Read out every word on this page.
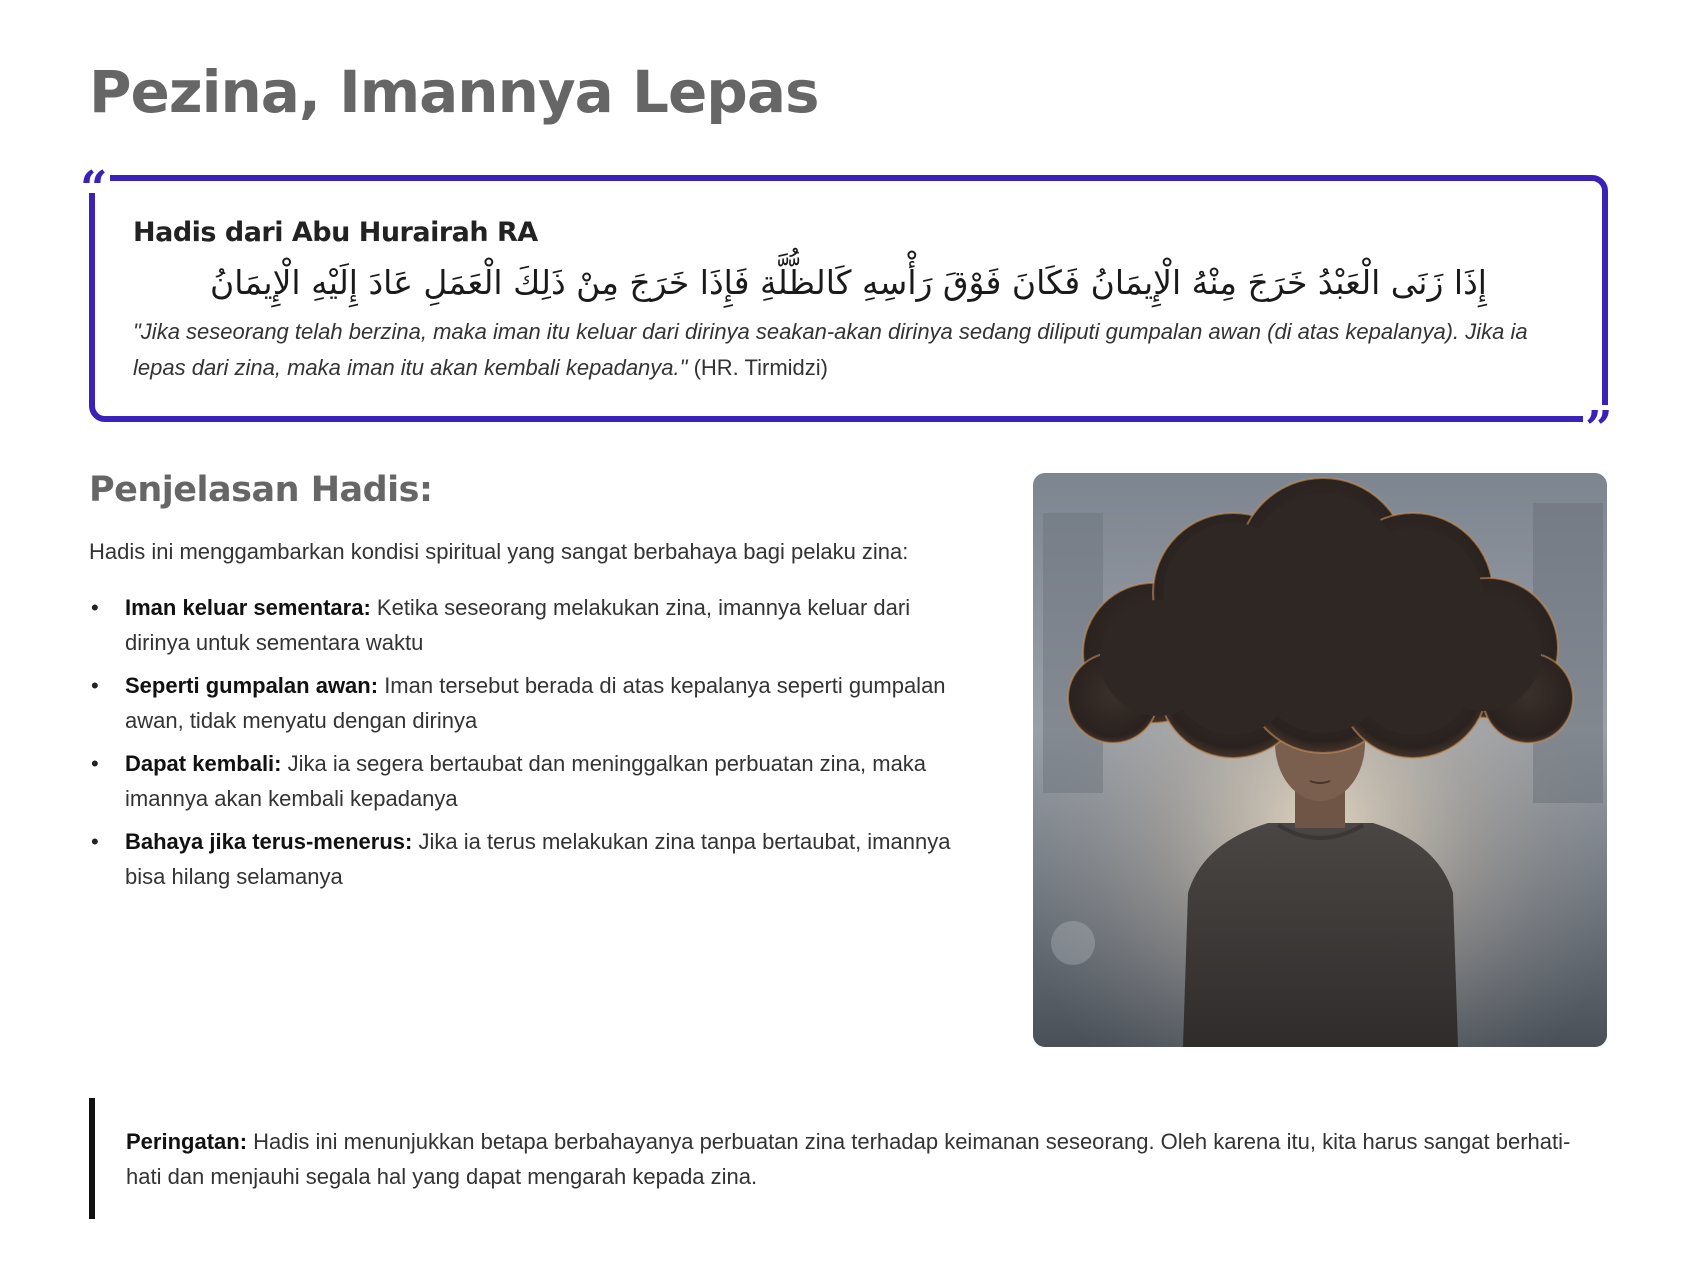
Pezina, Imannya Lepas
Hadis dari Abu Hurairah RA

إِذَا زَنَى الْعَبْدُ خَرَجَ مِنْهُ الْإِيمَانُ فَكَانَ فَوْقَ رَأْسِهِ كَالظُّلَّةِ فَإِذَا خَرَجَ مِنْ ذَلِكَ الْعَمَلِ عَادَ إِلَيْهِ الْإِيمَانُ

"Jika seseorang telah berzina, maka iman itu keluar dari dirinya seakan-akan dirinya sedang diliputi gumpalan awan (di atas kepalanya). Jika ia lepas dari zina, maka iman itu akan kembali kepadanya." (HR. Tirmidzi)

“
”
Penjelasan Hadis:

Hadis ini menggambarkan kondisi spiritual yang sangat berbahaya bagi pelaku zina:

• Iman keluar sementara: Ketika seseorang melakukan zina, imannya keluar dari dirinya untuk sementara waktu
• Seperti gumpalan awan: Iman tersebut berada di atas kepalanya seperti gumpalan awan, tidak menyatu dengan dirinya
• Dapat kembali: Jika ia segera bertaubat dan meninggalkan perbuatan zina, maka imannya akan kembali kepadanya
• Bahaya jika terus-menerus: Jika ia terus melakukan zina tanpa bertaubat, imannya bisa hilang selamanya

Peringatan: Hadis ini menunjukkan betapa berbahayanya perbuatan zina terhadap keimanan seseorang. Oleh karena itu, kita harus sangat berhati-hati dan menjauhi segala hal yang dapat mengarah kepada zina.
